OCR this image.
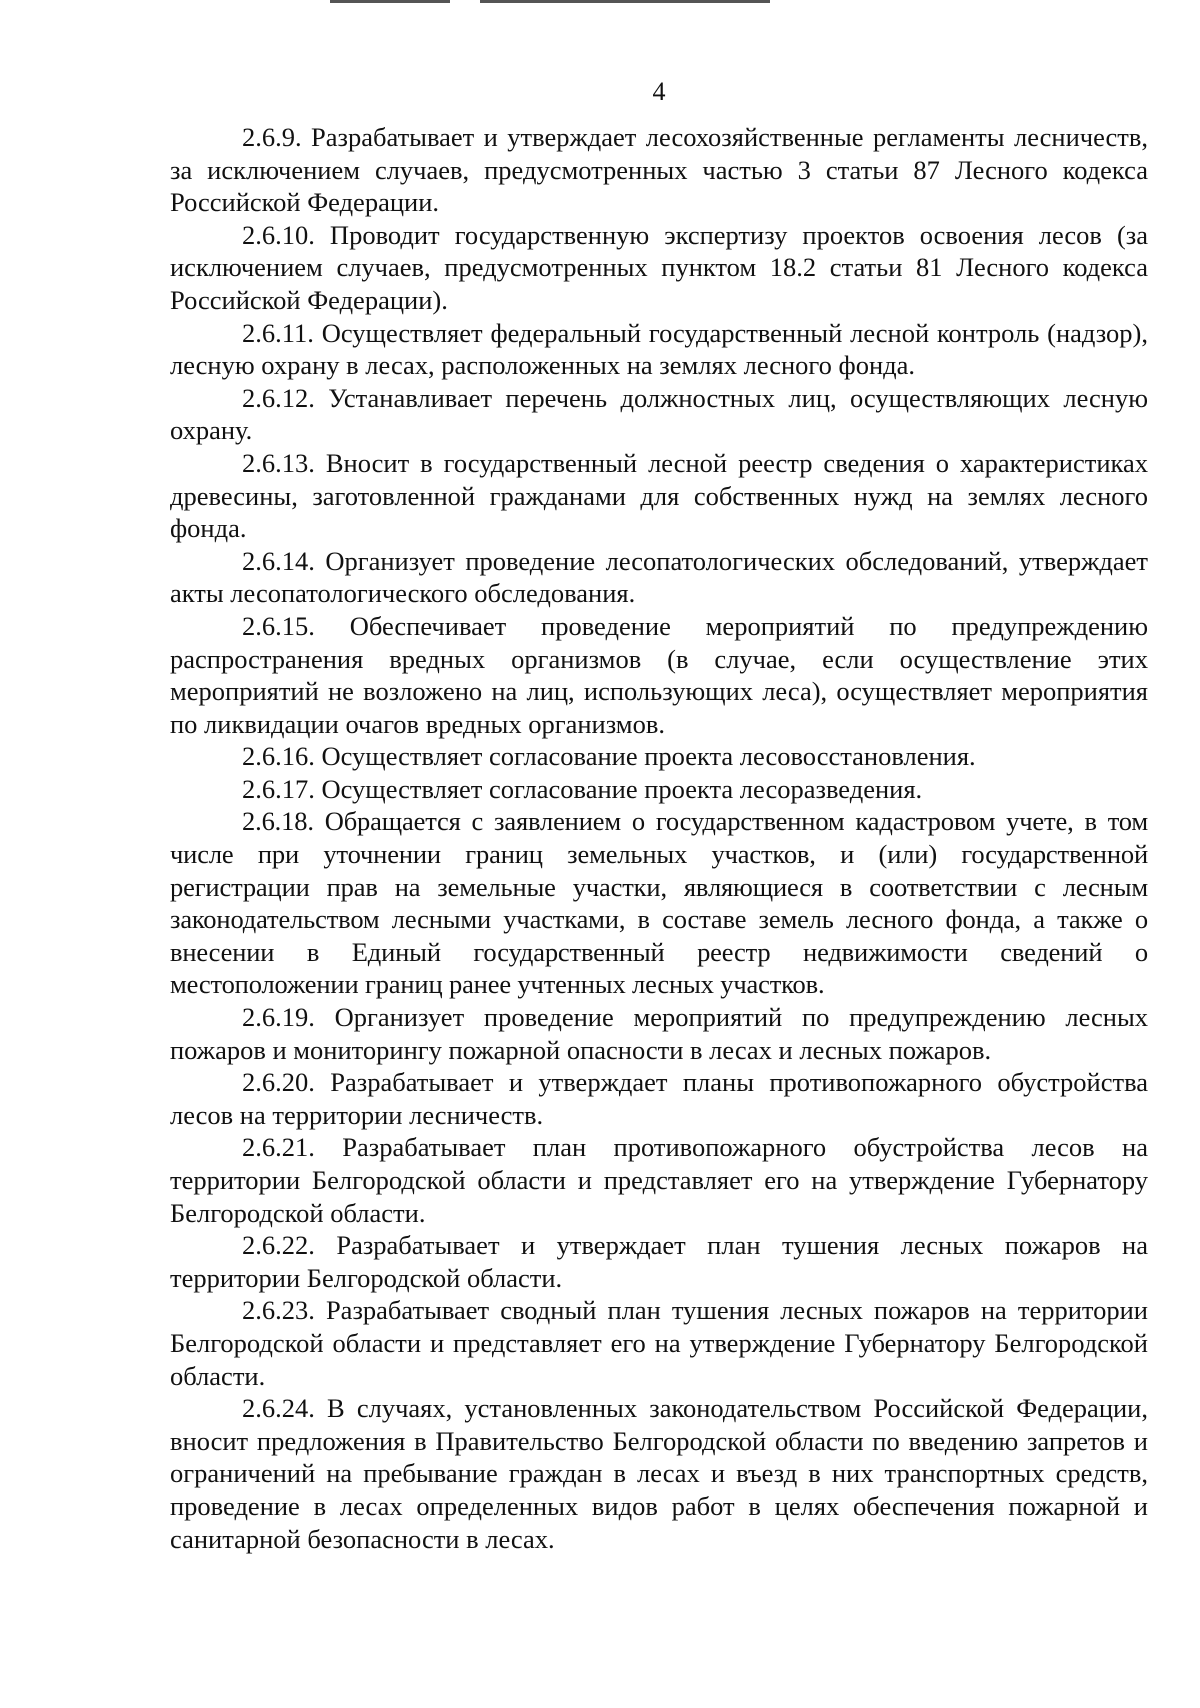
4

2.6.9. Разрабатывает и утверждает лесохозяйственные регламенты лесничеств, за исключением случаев, предусмотренных частью 3 статьи 87 Лесного кодекса Российской Федерации.

2.6.10. Проводит государственную экспертизу проектов освоения лесов (за исключением случаев, предусмотренных пунктом 18.2 статьи 81 Лесного кодекса Российской Федерации).

2.6.11. Осуществляет федеральный государственный лесной контроль (надзор), лесную охрану в лесах, расположенных на землях лесного фонда.

2.6.12. Устанавливает перечень должностных лиц, осуществляющих лесную охрану.

2.6.13. Вносит в государственный лесной реестр сведения о характеристиках древесины, заготовленной гражданами для собственных нужд на землях лесного фонда.

2.6.14. Организует проведение лесопатологических обследований, утверждает акты лесопатологического обследования.

2.6.15. Обеспечивает проведение мероприятий по предупреждению распространения вредных организмов (в случае, если осуществление этих мероприятий не возложено на лиц, использующих леса), осуществляет мероприятия по ликвидации очагов вредных организмов.

2.6.16. Осуществляет согласование проекта лесовосстановления.

2.6.17. Осуществляет согласование проекта лесоразведения.

2.6.18. Обращается с заявлением о государственном кадастровом учете, в том числе при уточнении границ земельных участков, и (или) государственной регистрации прав на земельные участки, являющиеся в соответствии с лесным законодательством лесными участками, в составе земель лесного фонда, а также о внесении в Единый государственный реестр недвижимости сведений о местоположении границ ранее учтенных лесных участков.

2.6.19. Организует проведение мероприятий по предупреждению лесных пожаров и мониторингу пожарной опасности в лесах и лесных пожаров.

2.6.20. Разрабатывает и утверждает планы противопожарного обустройства лесов на территории лесничеств.

2.6.21. Разрабатывает план противопожарного обустройства лесов на территории Белгородской области и представляет его на утверждение Губернатору Белгородской области.

2.6.22. Разрабатывает и утверждает план тушения лесных пожаров на территории Белгородской области.

2.6.23. Разрабатывает сводный план тушения лесных пожаров на территории Белгородской области и представляет его на утверждение Губернатору Белгородской области.

2.6.24. В случаях, установленных законодательством Российской Федерации, вносит предложения в Правительство Белгородской области по введению запретов и ограничений на пребывание граждан в лесах и въезд в них транспортных средств, проведение в лесах определенных видов работ в целях обеспечения пожарной и санитарной безопасности в лесах.
